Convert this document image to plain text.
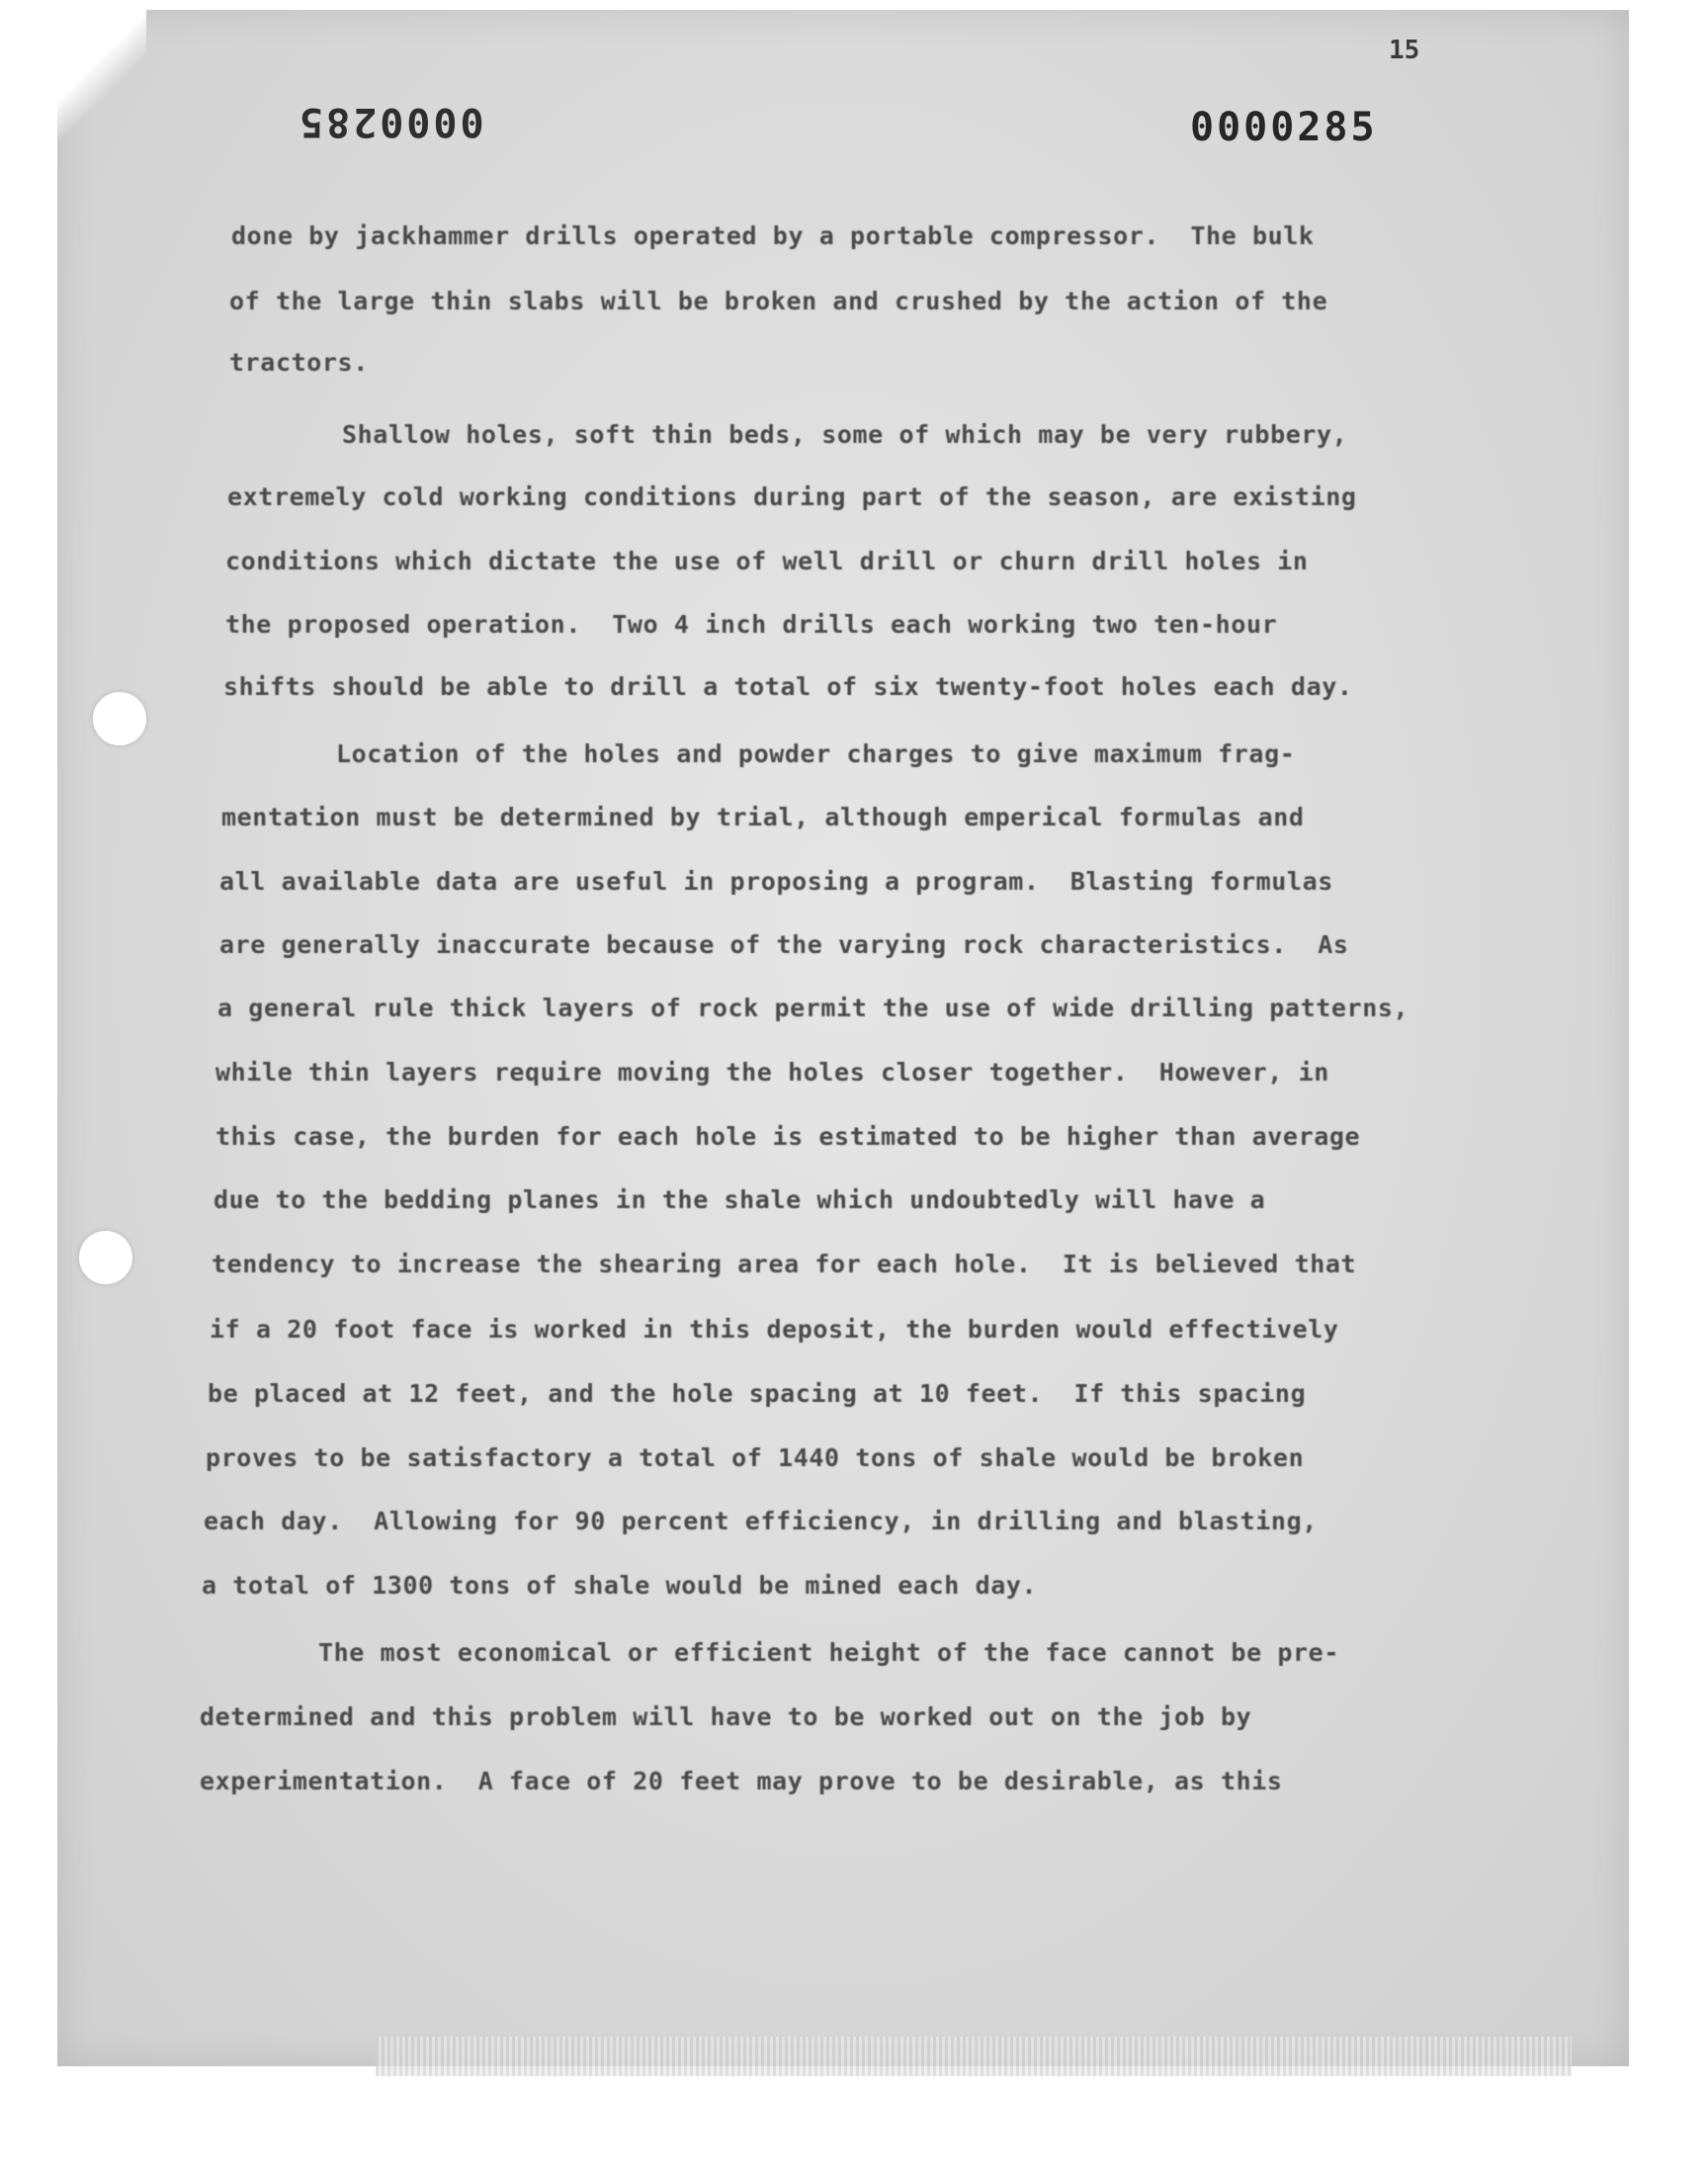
15
0000285	0000285
done by jackhammer drills operated by a portable compressor.  The bulk
of the large thin slabs will be broken and crushed by the action of the
tractors.
Shallow holes, soft thin beds, some of which may be very rubbery,
extremely cold working conditions during part of the season, are existing
conditions which dictate the use of well drill or churn drill holes in
the proposed operation.  Two 4 inch drills each working two ten-hour
shifts should be able to drill a total of six twenty-foot holes each day.
Location of the holes and powder charges to give maximum frag-
mentation must be determined by trial, although emperical formulas and
all available data are useful in proposing a program.  Blasting formulas
are generally inaccurate because of the varying rock characteristics.  As
a general rule thick layers of rock permit the use of wide drilling patterns,
while thin layers require moving the holes closer together.  However, in
this case, the burden for each hole is estimated to be higher than average
due to the bedding planes in the shale which undoubtedly will have a
tendency to increase the shearing area for each hole.  It is believed that
if a 20 foot face is worked in this deposit, the burden would effectively
be placed at 12 feet, and the hole spacing at 10 feet.  If this spacing
proves to be satisfactory a total of 1440 tons of shale would be broken
each day.  Allowing for 90 percent efficiency, in drilling and blasting,
a total of 1300 tons of shale would be mined each day.
The most economical or efficient height of the face cannot be pre-
determined and this problem will have to be worked out on the job by
experimentation.  A face of 20 feet may prove to be desirable, as this
